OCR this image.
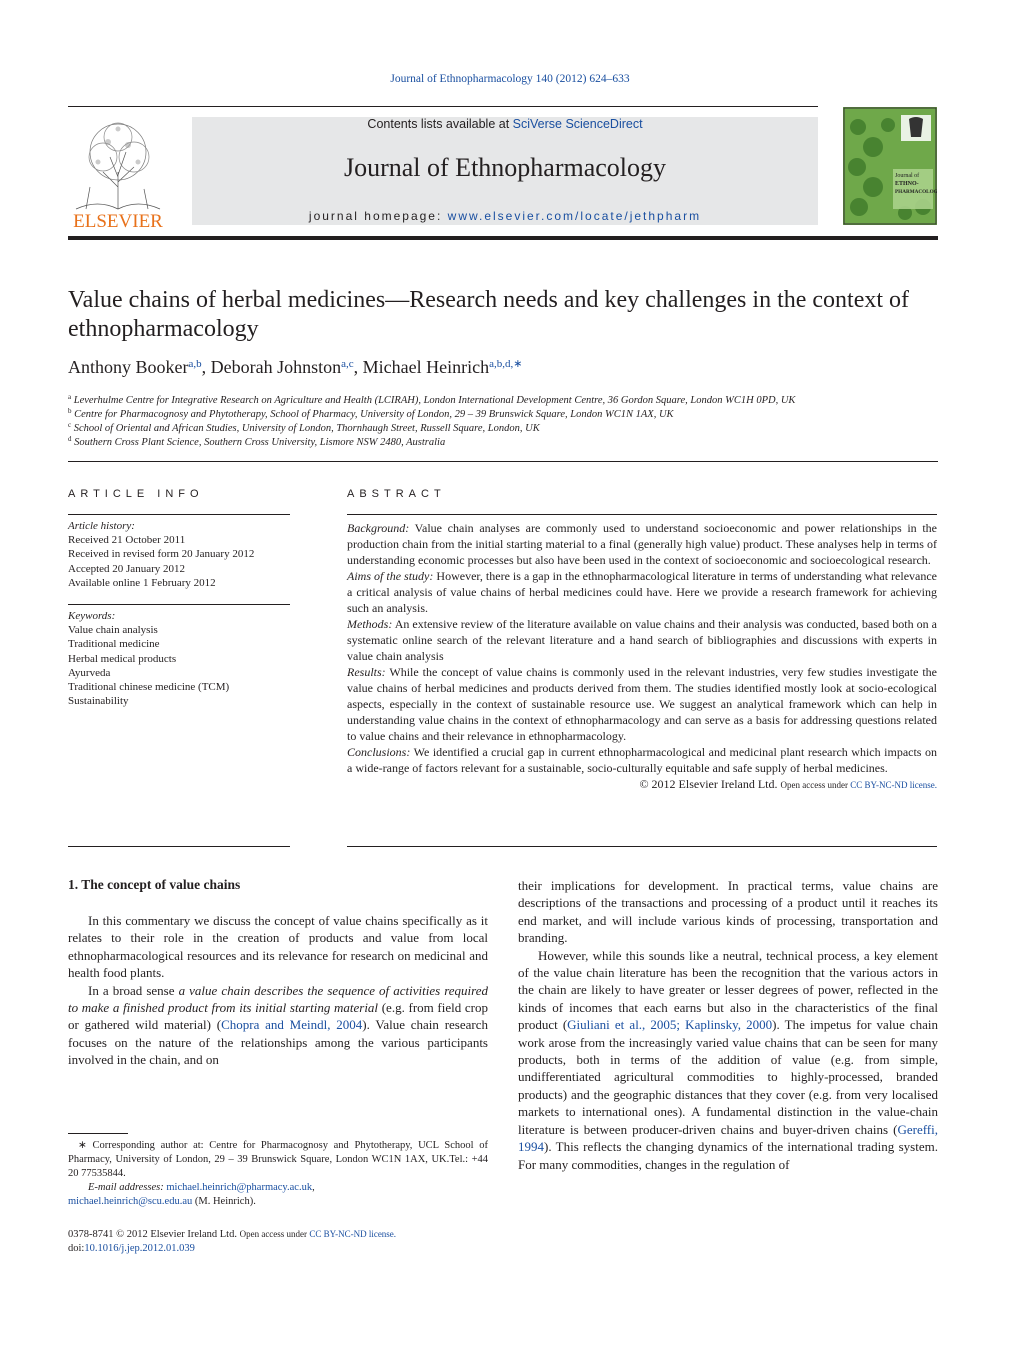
Journal of Ethnopharmacology 140 (2012) 624–633
ELSEVIER
Contents lists available at SciVerse ScienceDirect
Journal of Ethnopharmacology
journal homepage: www.elsevier.com/locate/jethpharm
Journal of
ETHNO-
PHARMACOLOGY
Value chains of herbal medicines—Research needs and key challenges in the context of ethnopharmacology
Anthony Booker$^{a,b}$, Deborah Johnston$^{a,c}$, Michael Heinrich$^{a,b,d,∗}$
$^a$ Leverhulme Centre for Integrative Research on Agriculture and Health (LCIRAH), London International Development Centre, 36 Gordon Square, London WC1H 0PD, UK
$^b$ Centre for Pharmacognosy and Phytotherapy, School of Pharmacy, University of London, 29 – 39 Brunswick Square, London WC1N 1AX, UK
$^c$ School of Oriental and African Studies, University of London, Thornhaugh Street, Russell Square, London, UK
$^d$ Southern Cross Plant Science, Southern Cross University, Lismore NSW 2480, Australia
ARTICLE INFO
Article history:
Received 21 October 2011
Received in revised form 20 January 2012
Accepted 20 January 2012
Available online 1 February 2012
Keywords:
Value chain analysis
Traditional medicine
Herbal medical products
Ayurveda
Traditional chinese medicine (TCM)
Sustainability
ABSTRACT

Background: Value chain analyses are commonly used to understand socioeconomic and power relationships in the production chain from the initial starting material to a final (generally high value) product. These analyses help in terms of understanding economic processes but also have been used in the context of socioeconomic and socioecological research.

Aims of the study: However, there is a gap in the ethnopharmacological literature in terms of understanding what relevance a critical analysis of value chains of herbal medicines could have. Here we provide a research framework for achieving such an analysis.

Methods: An extensive review of the literature available on value chains and their analysis was conducted, based both on a systematic online search of the relevant literature and a hand search of bibliographies and discussions with experts in value chain analysis

Results: While the concept of value chains is commonly used in the relevant industries, very few studies investigate the value chains of herbal medicines and products derived from them. The studies identified mostly look at socio-ecological aspects, especially in the context of sustainable resource use. We suggest an analytical framework which can help in understanding value chains in the context of ethnopharmacology and can serve as a basis for addressing questions related to value chains and their relevance in ethnopharmacology.

Conclusions: We identified a crucial gap in current ethnopharmacological and medicinal plant research which impacts on a wide-range of factors relevant for a sustainable, socio-culturally equitable and safe supply of herbal medicines.

© 2012 Elsevier Ireland Ltd. Open access under CC BY-NC-ND license.

1. The concept of value chains

In this commentary we discuss the concept of value chains specifically as it relates to their role in the creation of products and value from local ethnopharmacological resources and its relevance for research on medicinal and health food plants.

In a broad sense a value chain describes the sequence of activities required to make a finished product from its initial starting material (e.g. from field crop or gathered wild material) (Chopra and Meindl, 2004). Value chain research focuses on the nature of the relationships among the various participants involved in the chain, and on

their implications for development. In practical terms, value chains are descriptions of the transactions and processing of a product until it reaches its end market, and will include various kinds of processing, transportation and branding.

However, while this sounds like a neutral, technical process, a key element of the value chain literature has been the recognition that the various actors in the chain are likely to have greater or lesser degrees of power, reflected in the kinds of incomes that each earns but also in the characteristics of the final product (Giuliani et al., 2005; Kaplinsky, 2000). The impetus for value chain work arose from the increasingly varied value chains that can be seen for many products, both in terms of the addition of value (e.g. from simple, undifferentiated agricultural commodities to highly-processed, branded products) and the geographic distances that they cover (e.g. from very localised markets to international ones). A fundamental distinction in the value-chain literature is between producer-driven chains and buyer-driven chains (Gereffi, 1994). This reflects the changing dynamics of the international trading system. For many commodities, changes in the regulation of

∗ Corresponding author at: Centre for Pharmacognosy and Phytotherapy, UCL School of Pharmacy, University of London, 29 – 39 Brunswick Square, London WC1N 1AX, UK.Tel.: +44 20 77535844.
E-mail addresses: michael.heinrich@pharmacy.ac.uk,
michael.heinrich@scu.edu.au (M. Heinrich).
0378-8741 © 2012 Elsevier Ireland Ltd. Open access under CC BY-NC-ND license.
doi:10.1016/j.jep.2012.01.039
